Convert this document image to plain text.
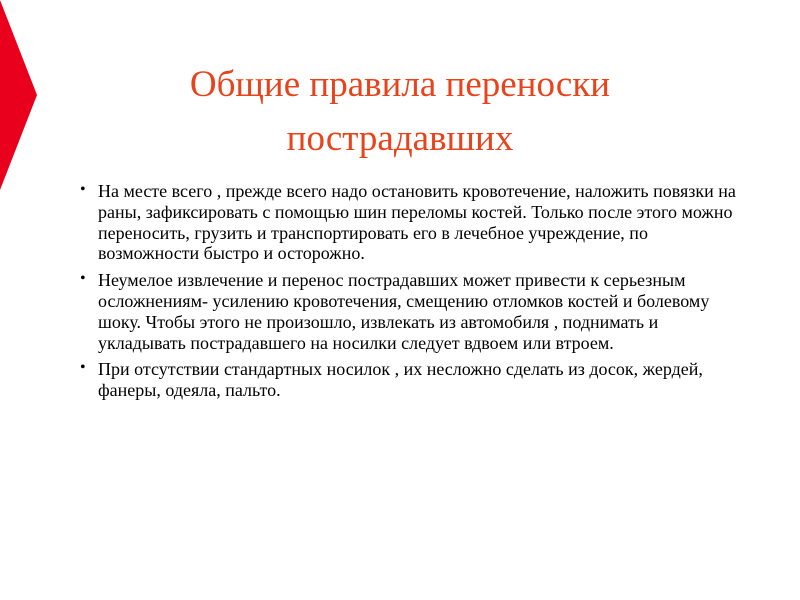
Общие правила переноски пострадавших
• На месте всего , прежде всего надо остановить кровотечение, наложить повязки на раны, зафиксировать с помощью шин переломы костей. Только после этого можно переносить, грузить и транспортировать его в лечебное учреждение, по возможности быстро и осторожно.
• Неумелое извлечение и перенос пострадавших может привести к серьезным осложнениям- усилению кровотечения, смещению отломков костей и болевому шоку. Чтобы этого не произошло, извлекать из автомобиля , поднимать и укладывать пострадавшего на носилки следует вдвоем или втроем.
• При отсутствии стандартных носилок , их несложно сделать из досок, жердей, фанеры, одеяла, пальто.
